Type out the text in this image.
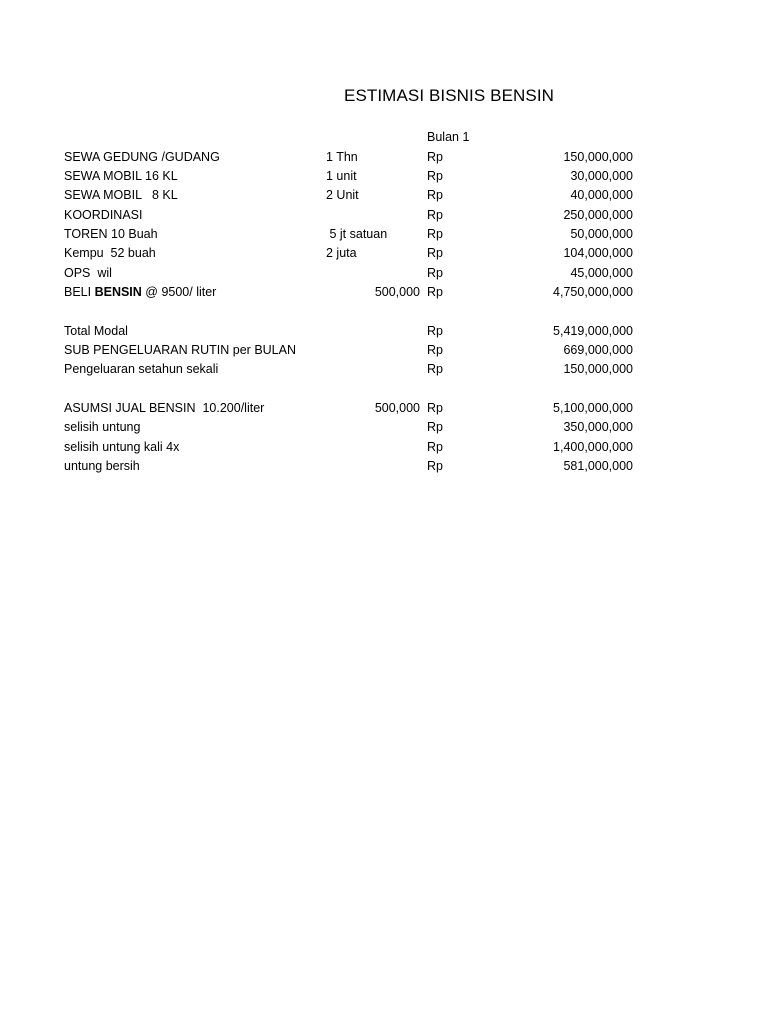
ESTIMASI BISNIS BENSIN
Bulan 1
SEWA GEDUNG /GUDANG	1 Thn	Rp	150,000,000
SEWA MOBIL 16 KL	1 unit	Rp	30,000,000
SEWA MOBIL   8 KL	2 Unit	Rp	40,000,000
KOORDINASI	Rp	250,000,000
TOREN 10 Buah	5 jt satuan	Rp	50,000,000
Kempu  52 buah	2 juta	Rp	104,000,000
OPS  wil	Rp	45,000,000
BELI BENSIN @ 9500/ liter	500,000 Rp	4,750,000,000
Total Modal	Rp	5,419,000,000
SUB PENGELUARAN RUTIN per BULAN	Rp	669,000,000
Pengeluaran setahun sekali	Rp	150,000,000
ASUMSI JUAL BENSIN  10.200/liter	500,000 Rp	5,100,000,000
selisih untung	Rp	350,000,000
selisih untung kali 4x	Rp	1,400,000,000
untung bersih	Rp	581,000,000
